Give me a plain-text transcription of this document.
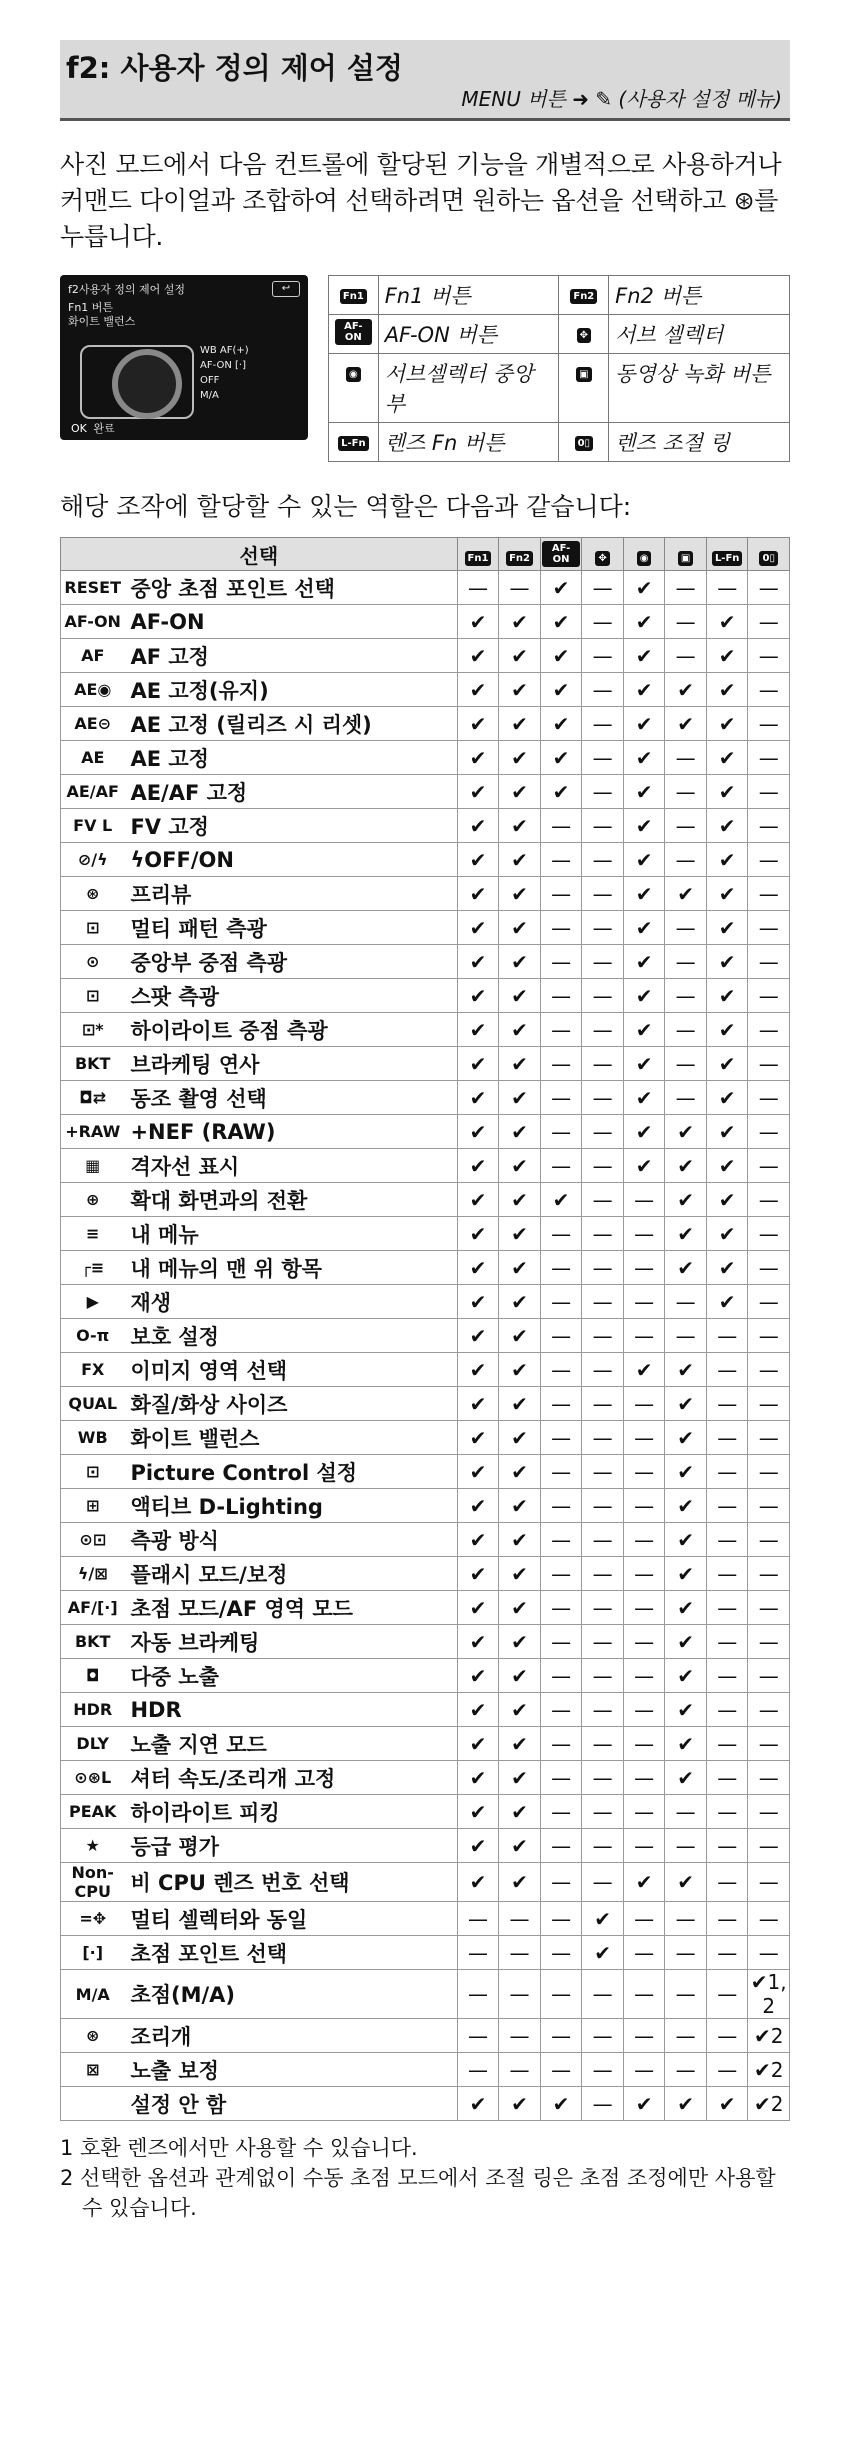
f2: 사용자 정의 제어 설정
MENU 버튼 ➜ ✎ (사용자 설정 메뉴)
사진 모드에서 다음 컨트롤에 할당된 기능을 개별적으로 사용하거나 커맨드 다이얼과 조합하여 선택하려면 원하는 옵션을 선택하고 ⊛를 누릅니다.
f2사용자 정의 제어 설정	↩
Fn1 버튼
화이트 밸런스
WB AF(+)
AF-ON [·]
OFF
M/A
OK 완료
Fn1	Fn1 버튼	Fn2	Fn2 버튼
AF-ON	AF-ON 버튼	✥	서브 셀렉터
◉	서브셀렉터 중앙부	▣	동영상 녹화 버튼
L-Fn	렌즈 Fn 버튼	0▯	렌즈 조절 링
해당 조작에 할당할 수 있는 역할은 다음과 같습니다:
선택		Fn1	Fn2	AF-ON	✥	◉	▣	L-Fn	0▯
RESET	중앙 초점 포인트 선택	—	—	✔	—	✔	—	—	—
AF-ON	AF-ON	✔	✔	✔	—	✔	—	✔	—
AF	AF 고정	✔	✔	✔	—	✔	—	✔	—
AE◉	AE 고정(유지)	✔	✔	✔	—	✔	✔	✔	—
AE⊝	AE 고정 (릴리즈 시 리셋)	✔	✔	✔	—	✔	✔	✔	—
AE	AE 고정	✔	✔	✔	—	✔	—	✔	—
AE/AF	AE/AF 고정	✔	✔	✔	—	✔	—	✔	—
FV L	FV 고정	✔	✔	—	—	✔	—	✔	—
⊘/ϟ	ϟOFF/ON	✔	✔	—	—	✔	—	✔	—
⊛	프리뷰	✔	✔	—	—	✔	✔	✔	—
⊡	멀티 패턴 측광	✔	✔	—	—	✔	—	✔	—
⊙	중앙부 중점 측광	✔	✔	—	—	✔	—	✔	—
⊡	스팟 측광	✔	✔	—	—	✔	—	✔	—
⊡*	하이라이트 중점 측광	✔	✔	—	—	✔	—	✔	—
BKT	브라케팅 연사	✔	✔	—	—	✔	—	✔	—
◘⇄	동조 촬영 선택	✔	✔	—	—	✔	—	✔	—
+RAW	+NEF (RAW)	✔	✔	—	—	✔	✔	✔	—
▦	격자선 표시	✔	✔	—	—	✔	✔	✔	—
⊕	확대 화면과의 전환	✔	✔	✔	—	—	✔	✔	—
≡	내 메뉴	✔	✔	—	—	—	✔	✔	—
┌≡	내 메뉴의 맨 위 항목	✔	✔	—	—	—	✔	✔	—
▶	재생	✔	✔	—	—	—	—	✔	—
O-π	보호 설정	✔	✔	—	—	—	—	—	—
FX	이미지 영역 선택	✔	✔	—	—	✔	✔	—	—
QUAL	화질/화상 사이즈	✔	✔	—	—	—	✔	—	—
WB	화이트 밸런스	✔	✔	—	—	—	✔	—	—
⊡	Picture Control 설정	✔	✔	—	—	—	✔	—	—
⊞	액티브 D-Lighting	✔	✔	—	—	—	✔	—	—
⊙⊡	측광 방식	✔	✔	—	—	—	✔	—	—
ϟ/⊠	플래시 모드/보정	✔	✔	—	—	—	✔	—	—
AF/[·]	초점 모드/AF 영역 모드	✔	✔	—	—	—	✔	—	—
BKT	자동 브라케팅	✔	✔	—	—	—	✔	—	—
◘	다중 노출	✔	✔	—	—	—	✔	—	—
HDR	HDR	✔	✔	—	—	—	✔	—	—
DLY	노출 지연 모드	✔	✔	—	—	—	✔	—	—
⊙⊛L	셔터 속도/조리개 고정	✔	✔	—	—	—	✔	—	—
PEAK	하이라이트 피킹	✔	✔	—	—	—	—	—	—
★	등급 평가	✔	✔	—	—	—	—	—	—
Non-CPU	비 CPU 렌즈 번호 선택	✔	✔	—	—	✔	✔	—	—
=✥	멀티 셀렉터와 동일	—	—	—	✔	—	—	—	—
[·]	초점 포인트 선택	—	—	—	✔	—	—	—	—
M/A	초점(M/A)	—	—	—	—	—	—	—	✔1, 2
⊛	조리개	—	—	—	—	—	—	—	✔2
⊠	노출 보정	—	—	—	—	—	—	—	✔2
	설정 안 함	✔	✔	✔	—	✔	✔	✔	✔2
1 호환 렌즈에서만 사용할 수 있습니다.
2 선택한 옵션과 관계없이 수동 초점 모드에서 조절 링은 초점 조정에만 사용할 수 있습니다.
